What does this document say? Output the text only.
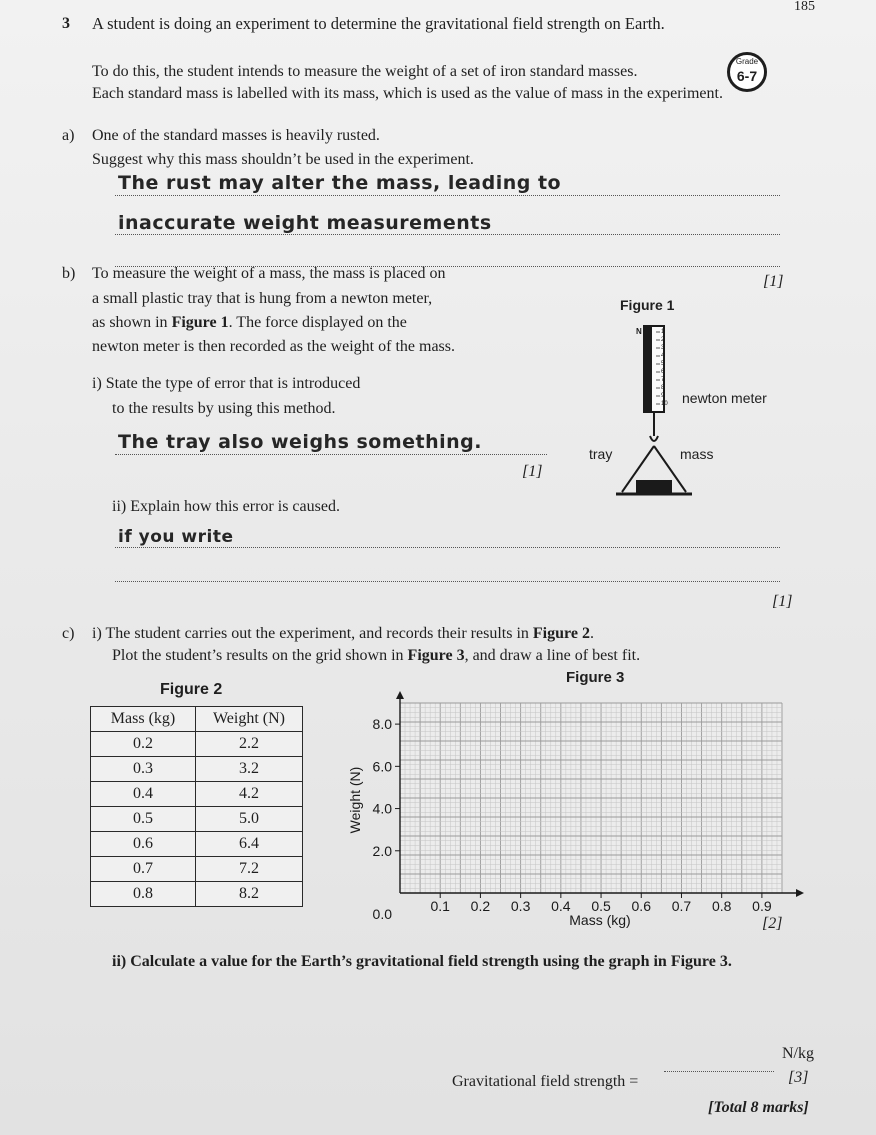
185
3 A student is doing an experiment to determine the gravitational field strength on Earth.
Grade
6-7
To do this, the student intends to measure the weight of a set of iron standard masses.
Each standard mass is labelled with its mass, which is used as the value of mass in the experiment.
a) One of the standard masses is heavily rusted.
Suggest why this mass shouldn’t be used in the experiment.
The rust may alter the mass, leading to
inaccurate weight measurements
[1]
b) To measure the weight of a mass, the mass is placed on
a small plastic tray that is hung from a newton meter,
as shown in Figure 1. The force displayed on the
newton meter is then recorded as the weight of the mass.
i) State the type of error that is introduced
to the results by using this method.
The tray also weighs something.
[1]
Figure 1
N	1
2
3
4
5
6
7
8
9
10 newton meter
tray	mass
ii) Explain how this error is caused.
if you write
[1]
c) i) The student carries out the experiment, and records their results in Figure 2.
Plot the student’s results on the grid shown in Figure 3, and draw a line of best fit.
Figure 2
Mass (kg)	Weight (N)
0.2	2.2
0.3	3.2
0.4	4.2
0.5	5.0
0.6	6.4
0.7	7.2
0.8	8.2
Figure 3
0.1 0.2 0.3 0.4 0.5 0.6 0.7 0.8 0.9
2.0
4.0
6.0
8.0
0.0	Mass (kg)
Weight (N)
[2]
ii) Calculate a value for the Earth’s gravitational field strength using the graph in Figure 3.
Gravitational field strength =
N/kg
[3]
[Total 8 marks]
